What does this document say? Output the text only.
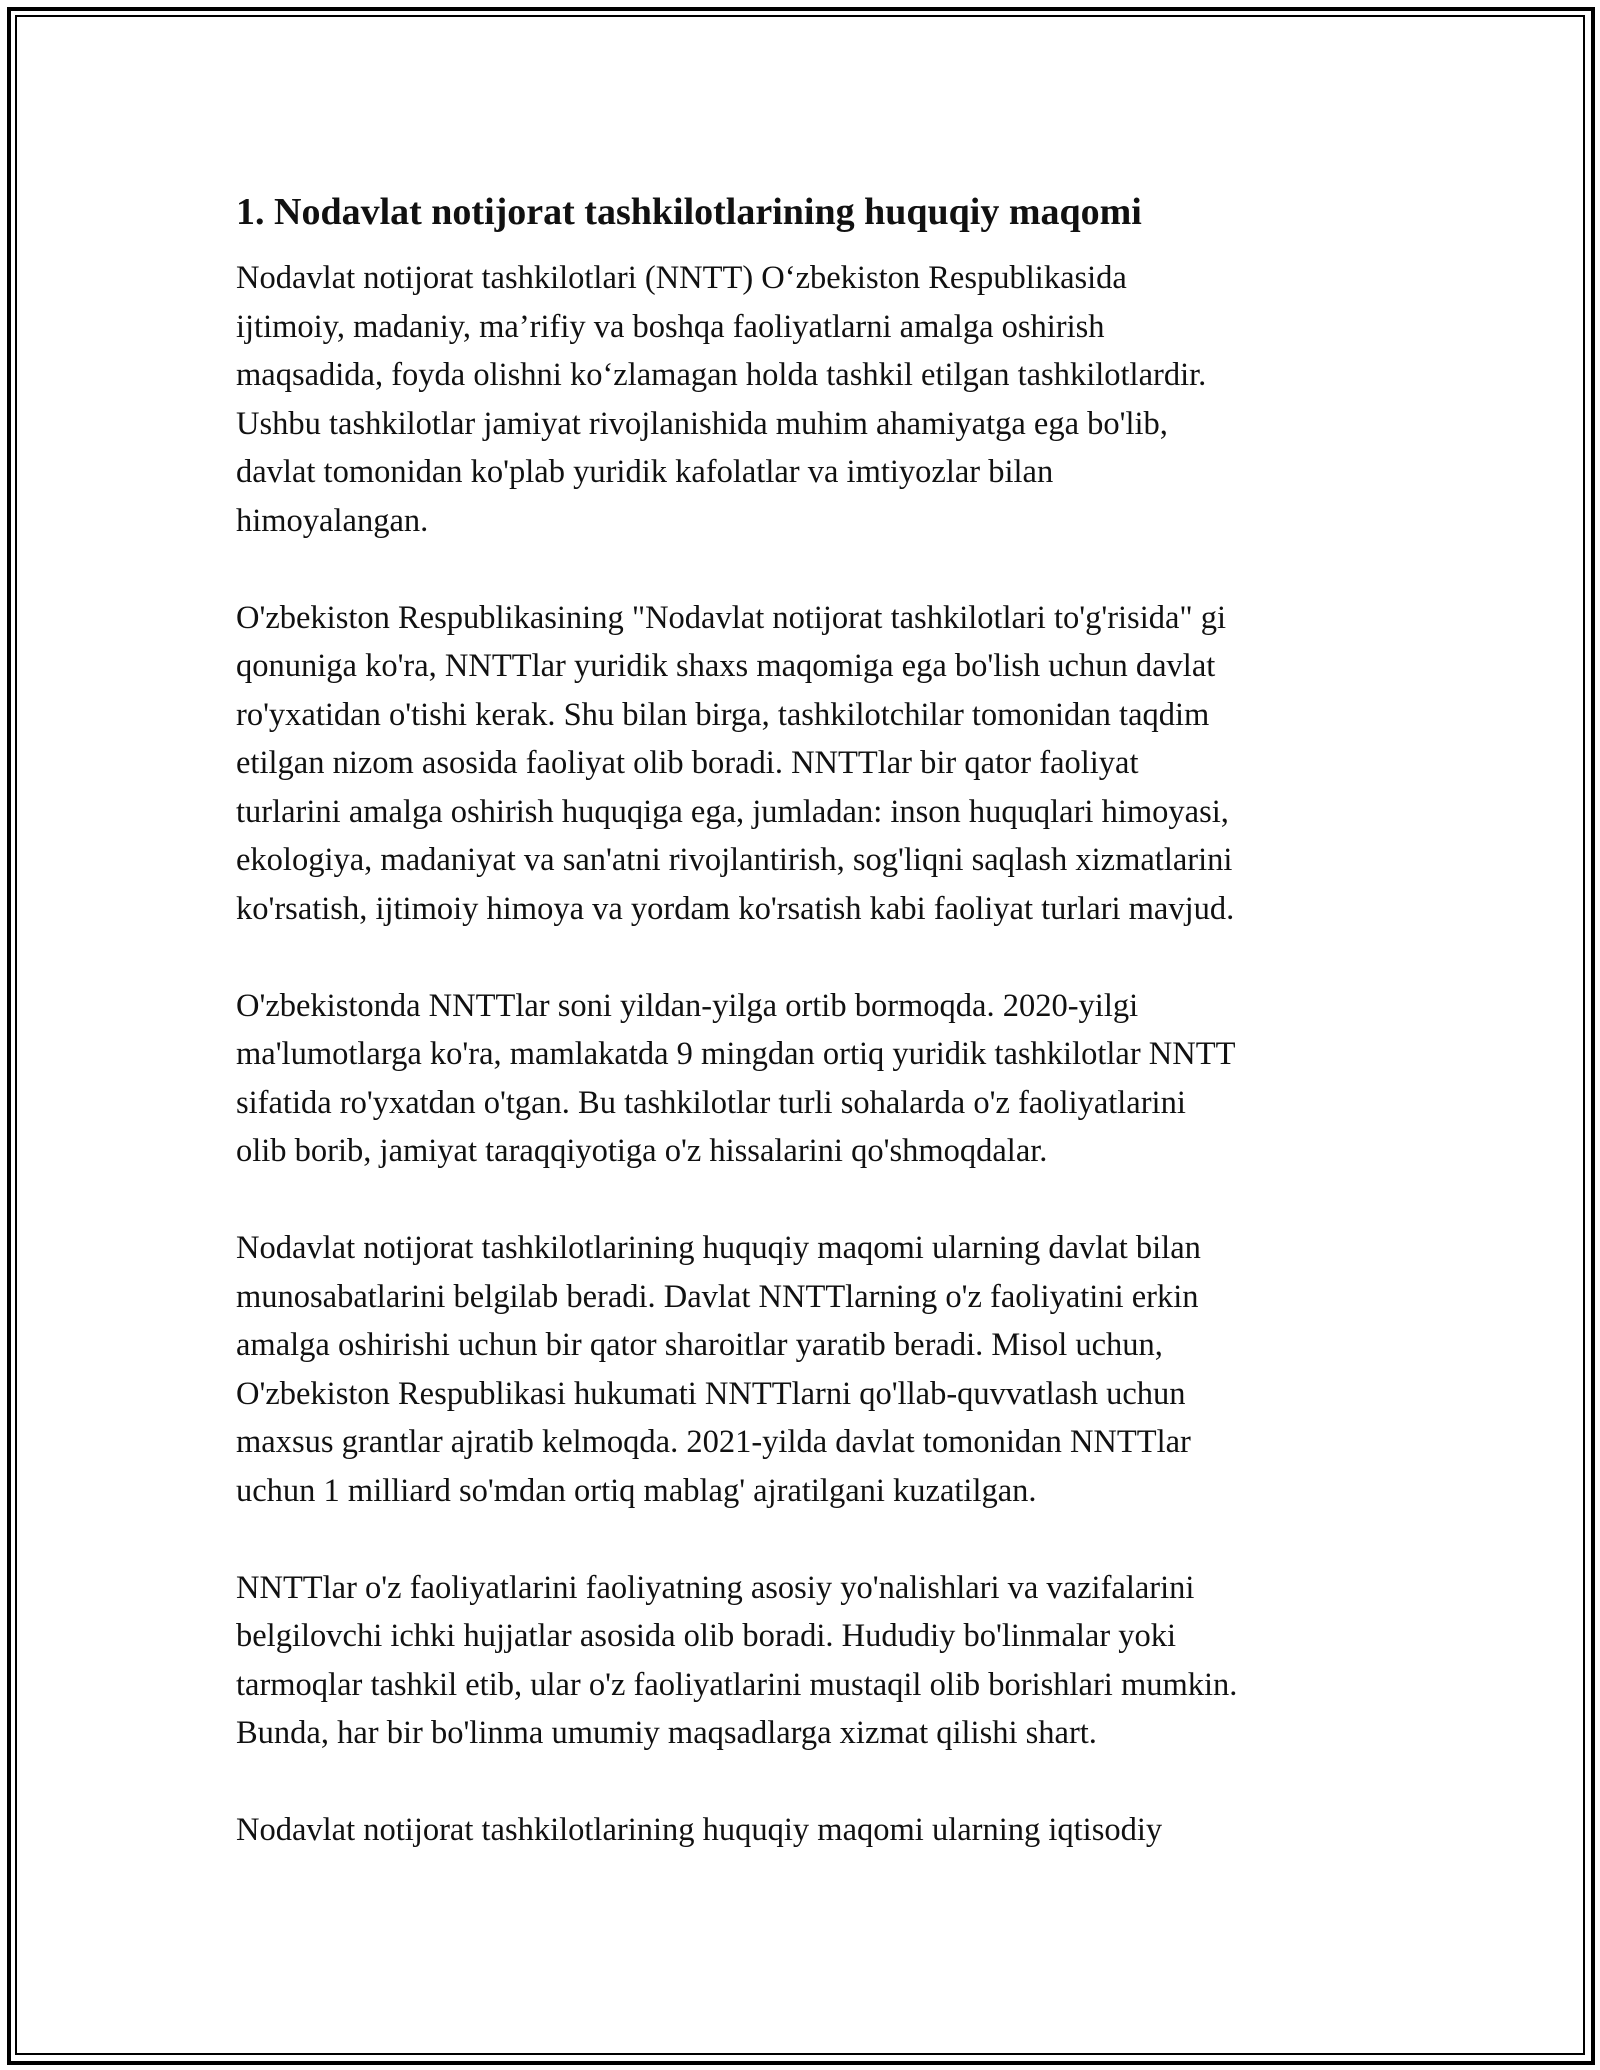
1. Nodavlat notijorat tashkilotlarining huquqiy maqomi
Nodavlat notijorat tashkilotlari (NNTT) O‘zbekiston Respublikasida
ijtimoiy, madaniy, ma’rifiy va boshqa faoliyatlarni amalga oshirish
maqsadida, foyda olishni ko‘zlamagan holda tashkil etilgan tashkilotlardir.
Ushbu tashkilotlar jamiyat rivojlanishida muhim ahamiyatga ega bo'lib,
davlat tomonidan ko'plab yuridik kafolatlar va imtiyozlar bilan
himoyalangan.
O'zbekiston Respublikasining "Nodavlat notijorat tashkilotlari to'g'risida" gi
qonuniga ko'ra, NNTTlar yuridik shaxs maqomiga ega bo'lish uchun davlat
ro'yxatidan o'tishi kerak. Shu bilan birga, tashkilotchilar tomonidan taqdim
etilgan nizom asosida faoliyat olib boradi. NNTTlar bir qator faoliyat
turlarini amalga oshirish huquqiga ega, jumladan: inson huquqlari himoyasi,
ekologiya, madaniyat va san'atni rivojlantirish, sog'liqni saqlash xizmatlarini
ko'rsatish, ijtimoiy himoya va yordam ko'rsatish kabi faoliyat turlari mavjud.
O'zbekistonda NNTTlar soni yildan-yilga ortib bormoqda. 2020-yilgi
ma'lumotlarga ko'ra, mamlakatda 9 mingdan ortiq yuridik tashkilotlar NNTT
sifatida ro'yxatdan o'tgan. Bu tashkilotlar turli sohalarda o'z faoliyatlarini
olib borib, jamiyat taraqqiyotiga o'z hissalarini qo'shmoqdalar.
Nodavlat notijorat tashkilotlarining huquqiy maqomi ularning davlat bilan
munosabatlarini belgilab beradi. Davlat NNTTlarning o'z faoliyatini erkin
amalga oshirishi uchun bir qator sharoitlar yaratib beradi. Misol uchun,
O'zbekiston Respublikasi hukumati NNTTlarni qo'llab-quvvatlash uchun
maxsus grantlar ajratib kelmoqda. 2021-yilda davlat tomonidan NNTTlar
uchun 1 milliard so'mdan ortiq mablag' ajratilgani kuzatilgan.
NNTTlar o'z faoliyatlarini faoliyatning asosiy yo'nalishlari va vazifalarini
belgilovchi ichki hujjatlar asosida olib boradi. Hududiy bo'linmalar yoki
tarmoqlar tashkil etib, ular o'z faoliyatlarini mustaqil olib borishlari mumkin.
Bunda, har bir bo'linma umumiy maqsadlarga xizmat qilishi shart.
Nodavlat notijorat tashkilotlarining huquqiy maqomi ularning iqtisodiy
